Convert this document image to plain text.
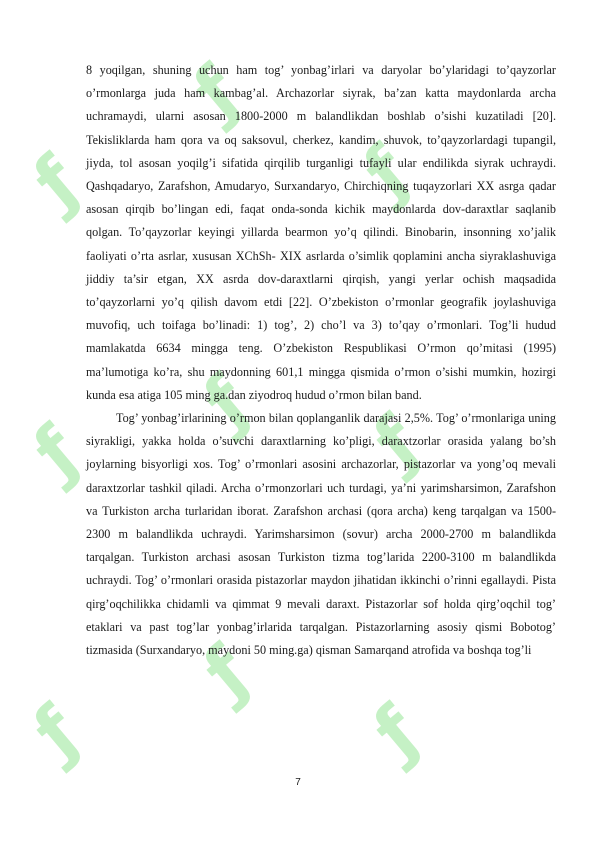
ƒ
ƒ
ƒ
ƒ
ƒ ƒ
ƒ
ƒ
ƒ

8 yoqilgan, shuning uchun ham tog’ yonbag’irlari va daryolar bo’ylaridagi to’qayzorlar o’rmonlarga juda ham kambag’al. Archazorlar siyrak, ba’zan katta maydonlarda archa uchramaydi, ularni asosan 1800-2000 m balandlikdan boshlab o’sishi kuzatiladi [20]. Tekisliklarda ham qora va oq saksovul, cherkez, kandim, shuvok, to’qayzorlardagi tupangil, jiyda, tol asosan yoqilg’i sifatida qirqilib turganligi tufayli ular endilikda siyrak uchraydi. Qashqadaryo, Zarafshon, Amudaryo, Surxandaryo, Chirchiqning tuqayzorlari XX asrga qadar asosan qirqib bo’lingan edi, faqat onda-sonda kichik maydonlarda dov-daraxtlar saqlanib qolgan. To’qayzorlar keyingi yillarda bearmon yo’q qilindi. Binobarin, insonning xo’jalik faoliyati o’rta asrlar, xususan XChSh- XIX asrlarda o’simlik qoplamini ancha siyraklashuviga jiddiy ta’sir etgan, XX asrda dov-daraxtlarni qirqish, yangi yerlar ochish maqsadida to’qayzorlarni yo’q qilish davom etdi [22]. O’zbekiston o’rmonlar geografik joylashuviga muvofiq, uch toifaga bo’linadi: 1) tog’, 2) cho’l va 3) to’qay o’rmonlari. Tog’li hudud mamlakatda 6634 mingga teng. O’zbekiston Respublikasi O’rmon qo’mitasi (1995) ma’lumotiga ko’ra, shu maydonning 601,1 mingga qismida o’rmon o’sishi mumkin, hozirgi kunda esa atiga 105 ming ga.dan ziyodroq hudud o’rmon bilan band.

Tog’ yonbag’irlarining o’rmon bilan qoplanganlik darajasi 2,5%. Tog’ o’rmonlariga uning siyrakligi, yakka holda o’suvchi daraxtlarning ko’pligi, daraxtzorlar orasida yalang bo’sh joylarning bisyorligi xos. Tog’ o’rmonlari asosini archazorlar, pistazorlar va yong’oq mevali daraxtzorlar tashkil qiladi. Archa o’rmonzorlari uch turdagi, ya’ni yarimsharsimon, Zarafshon va Turkiston archa turlaridan iborat. Zarafshon archasi (qora archa) keng tarqalgan va 1500-2300 m balandlikda uchraydi. Yarimsharsimon (sovur) archa 2000-2700 m balandlikda tarqalgan. Turkiston archasi asosan Turkiston tizma tog’larida 2200-3100 m balandlikda uchraydi. Tog’ o’rmonlari orasida pistazorlar maydon jihatidan ikkinchi o’rinni egallaydi. Pista qirg’oqchilikka chidamli va qimmat 9 mevali daraxt. Pistazorlar sof holda qirg’oqchil tog’ etaklari va past tog’lar yonbag’irlarida tarqalgan. Pistazorlarning asosiy qismi Bobotog’ tizmasida (Surxandaryo, maydoni 50 ming.ga) qisman Samarqand atrofida va boshqa tog’li

7
